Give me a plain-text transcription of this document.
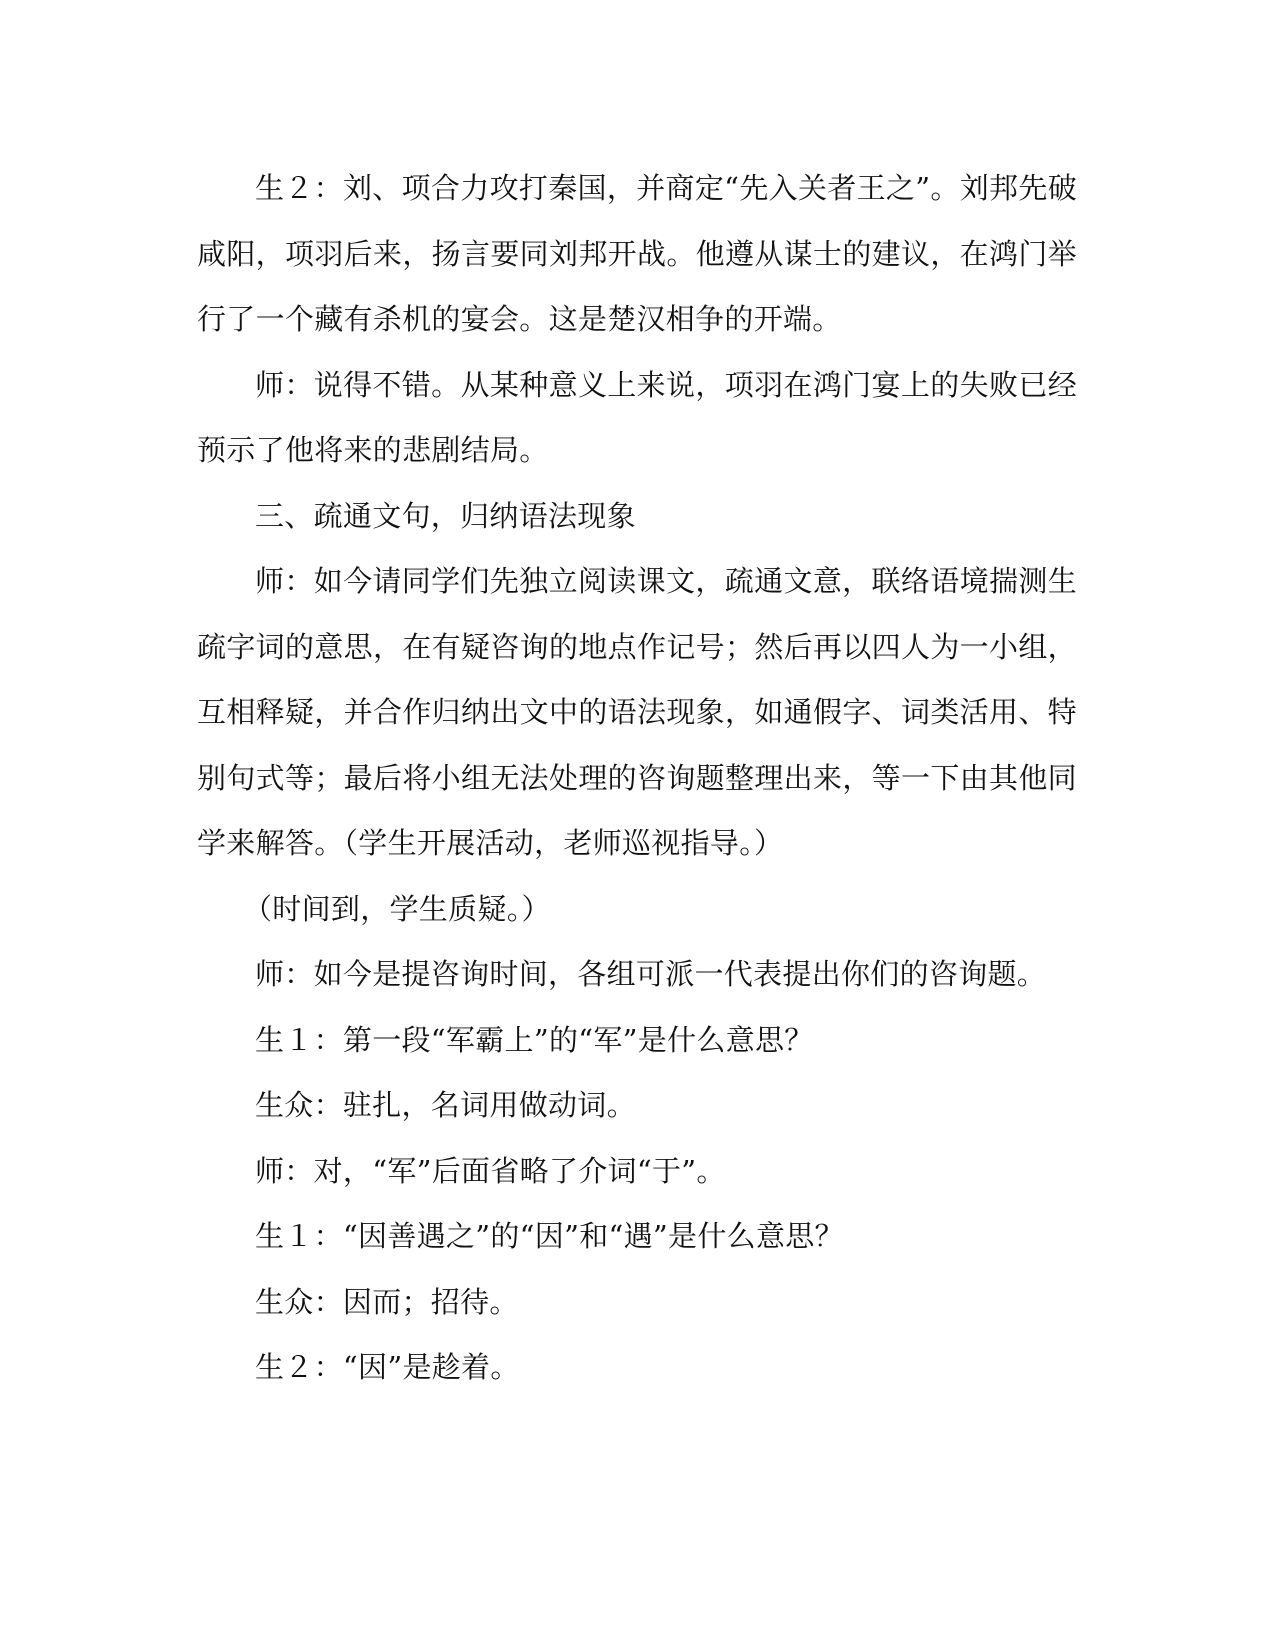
生２：刘、项合力攻打秦国，并商定“先入关者王之”。刘邦先破咸阳，项羽后来，扬言要同刘邦开战。他遵从谋士的建议，在鸿门举行了一个藏有杀机的宴会。这是楚汉相争的开端。

师：说得不错。从某种意义上来说，项羽在鸿门宴上的失败已经预示了他将来的悲剧结局。

三、疏通文句，归纳语法现象

师：如今请同学们先独立阅读课文，疏通文意，联络语境揣测生疏字词的意思，在有疑咨询的地点作记号；然后再以四人为一小组，互相释疑，并合作归纳出文中的语法现象，如通假字、词类活用、特别句式等；最后将小组无法处理的咨询题整理出来，等一下由其他同学来解答。（学生开展活动，老师巡视指导。）

（时间到，学生质疑。）

师：如今是提咨询时间，各组可派一代表提出你们的咨询题。

生１：第一段“军霸上”的“军”是什么意思？

生众：驻扎，名词用做动词。

师：对，“军”后面省略了介词“于”。

生１：“因善遇之”的“因”和“遇”是什么意思？

生众：因而；招待。

生２：“因”是趁着。
